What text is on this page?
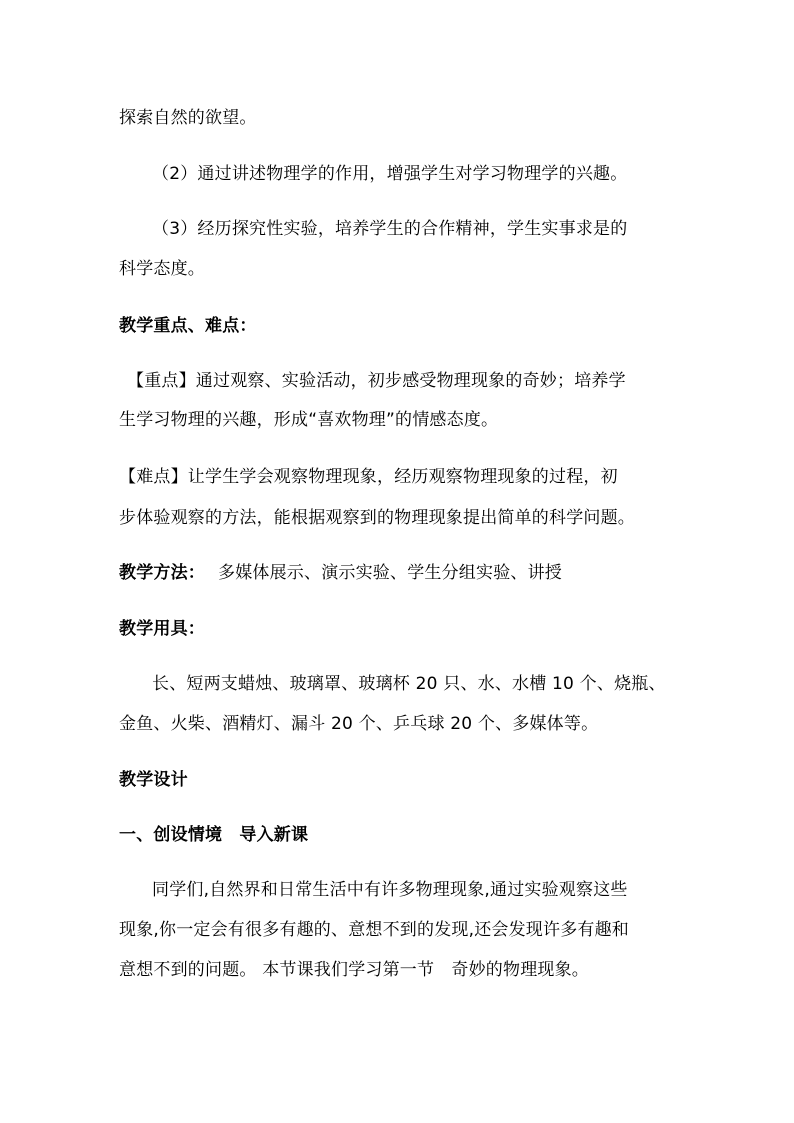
探索自然的欲望。
（2）通过讲述物理学的作用，增强学生对学习物理学的兴趣。
（3）经历探究性实验，培养学生的合作精神，学生实事求是的
科学态度。
教学重点、难点：
【重点】通过观察、实验活动，初步感受物理现象的奇妙；培养学
生学习物理的兴趣，形成“喜欢物理”的情感态度。
【难点】让学生学会观察物理现象，经历观察物理现象的过程，初
步体验观察的方法，能根据观察到的物理现象提出简单的科学问题。
教学方法： 多媒体展示、演示实验、学生分组实验、讲授
教学用具：
长、短两支蜡烛、玻璃罩、玻璃杯 20 只、水、水槽 10 个、烧瓶、
金鱼、火柴、酒精灯、漏斗 20 个、乒乓球 20 个、多媒体等。
教学设计
一、创设情境　导入新课
同学们,自然界和日常生活中有许多物理现象,通过实验观察这些
现象,你一定会有很多有趣的、意想不到的发现,还会发现许多有趣和
意想不到的问题。 本节课我们学习第一节　奇妙的物理现象。
